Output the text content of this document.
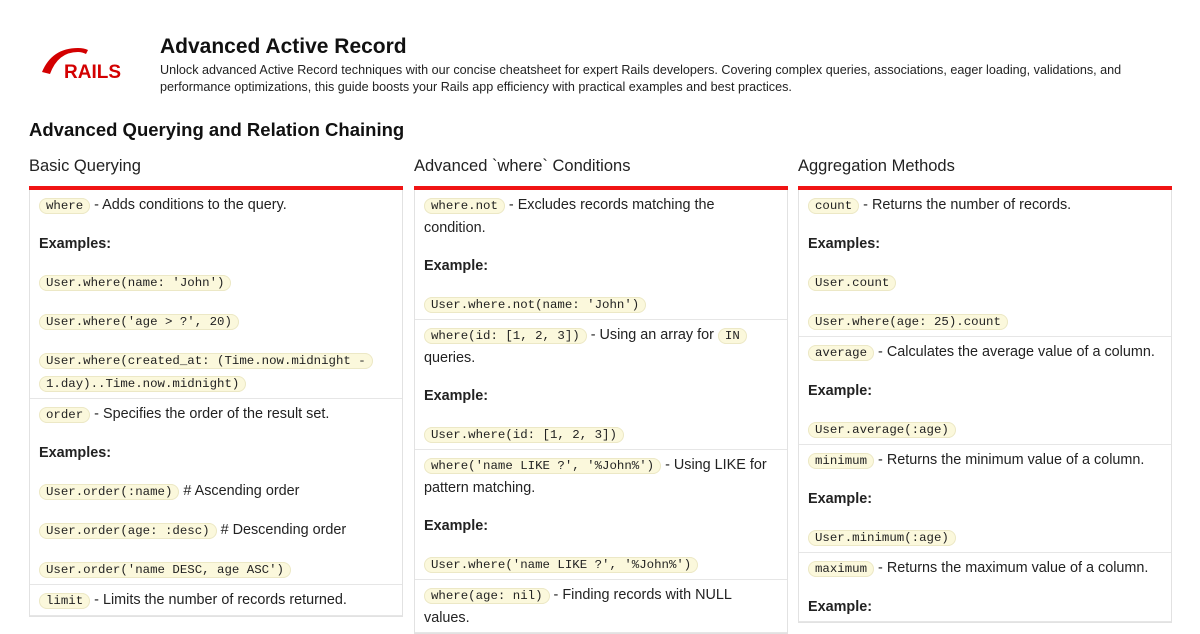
RAILS
Advanced Active Record
Unlock advanced Active Record techniques with our concise cheatsheet for expert Rails developers. Covering complex queries, associations, eager loading, validations, and performance optimizations, this guide boosts your Rails app efficiency with practical examples and best practices.
Advanced Querying and Relation Chaining
Basic Querying

where - Adds conditions to the query.

Examples:

User.where(name: 'John')

User.where('age > ?', 20)

User.where(created_at: (Time.now.midnight - 1.day)..Time.now.midnight)

order - Specifies the order of the result set.

Examples:

User.order(:name) # Ascending order

User.order(age: :desc) # Descending order

User.order('name DESC, age ASC')

limit - Limits the number of records returned.

Advanced `where` Conditions

where.not - Excludes records matching the condition.

Example:

User.where.not(name: 'John')

where(id: [1, 2, 3]) - Using an array for IN queries.

Example:

User.where(id: [1, 2, 3])

where('name LIKE ?', '%John%') - Using LIKE for pattern matching.

Example:

User.where('name LIKE ?', '%John%')

where(age: nil) - Finding records with NULL values.

Aggregation Methods

count - Returns the number of records.

Examples:

User.count

User.where(age: 25).count

average - Calculates the average value of a column.

Example:

User.average(:age)

minimum - Returns the minimum value of a column.

Example:

User.minimum(:age)

maximum - Returns the maximum value of a column.

Example:
